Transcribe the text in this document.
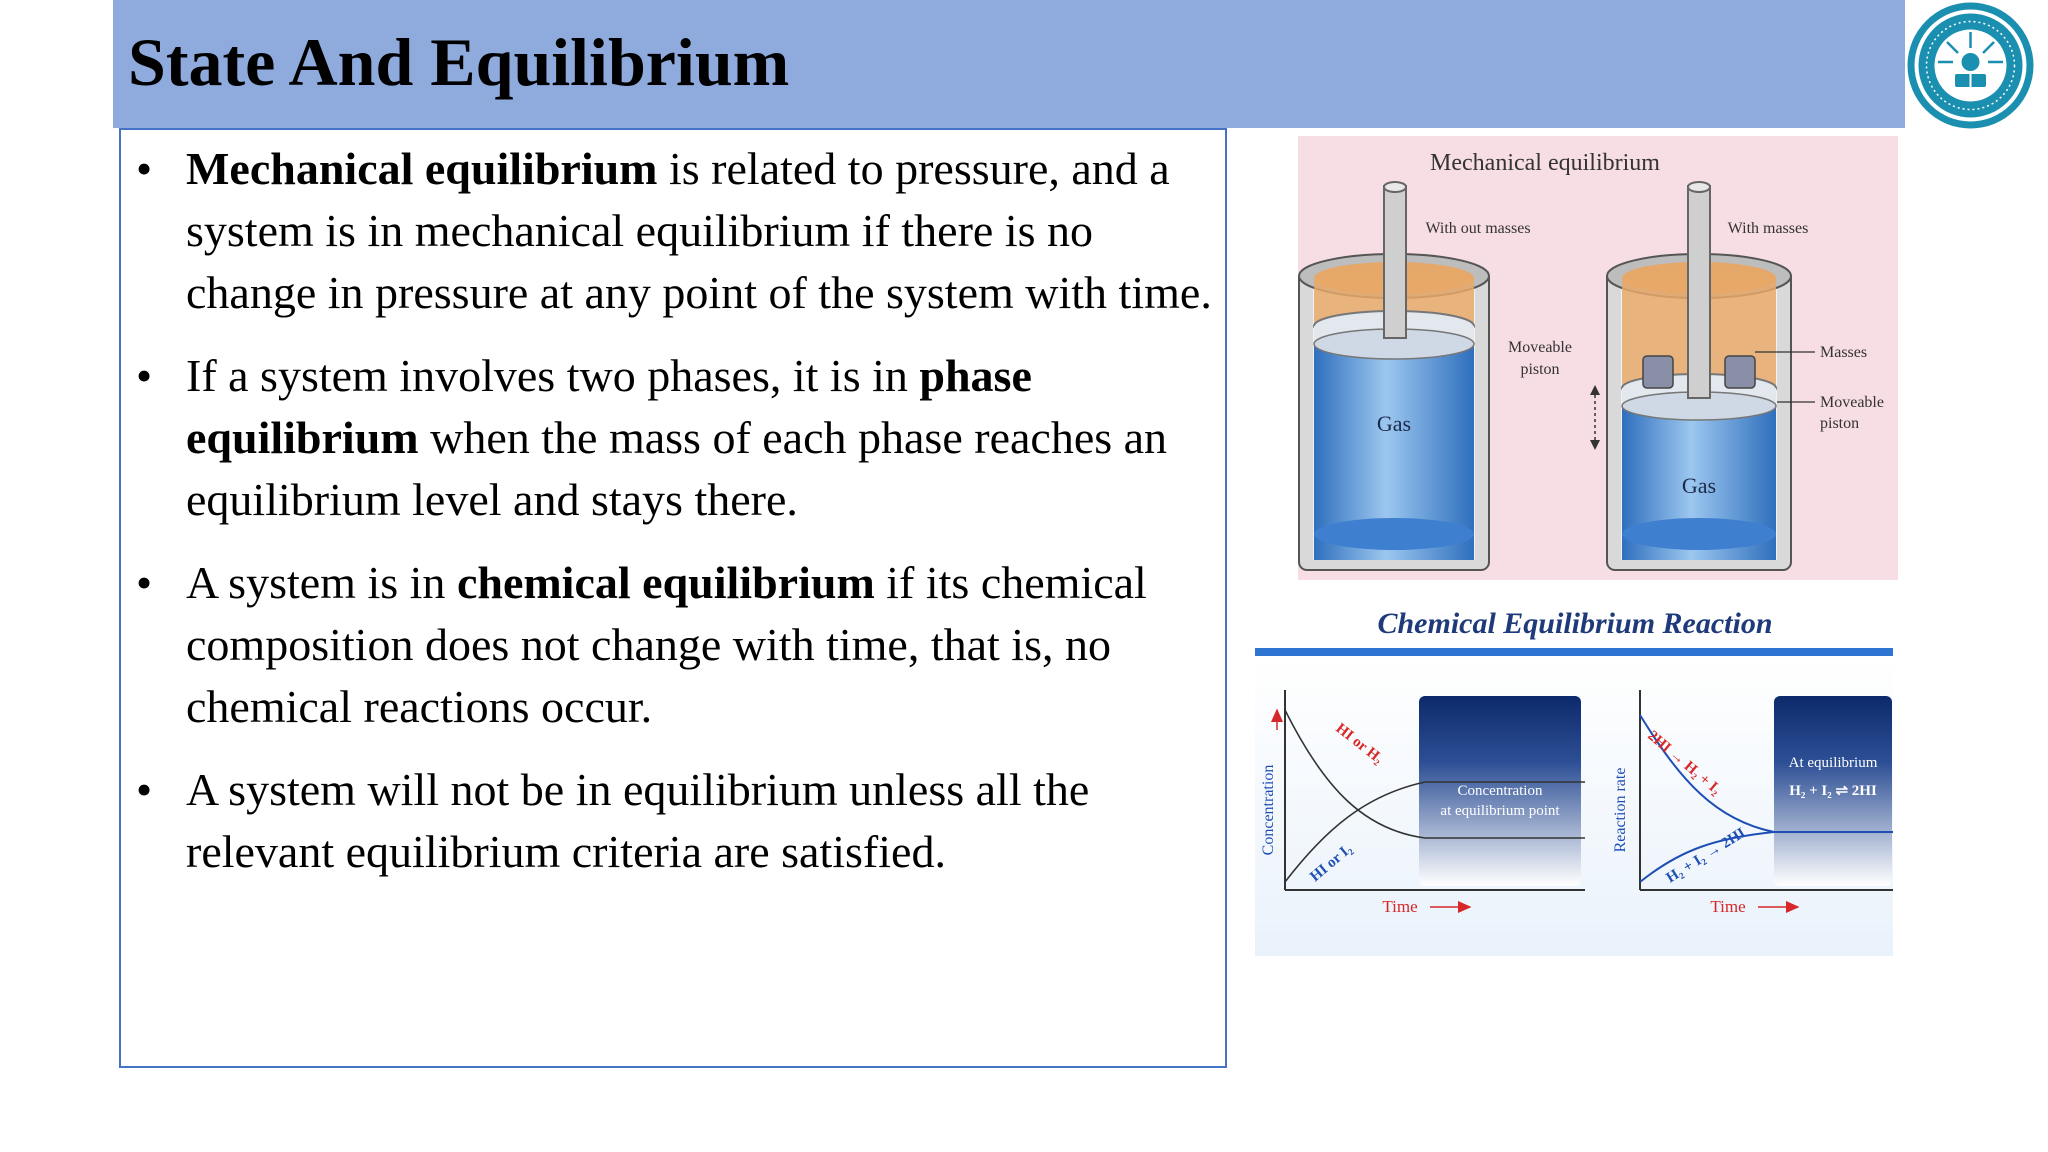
State And Equilibrium
• Mechanical equilibrium is related to pressure, and a system is in mechanical equilibrium if there is no change in pressure at any point of the system with time.
• If a system involves two phases, it is in phase equilibrium when the mass of each phase reaches an equilibrium level and stays there.
• A system is in chemical equilibrium if its chemical composition does not change with time, that is, no chemical reactions occur.
• A system will not be in equilibrium unless all the relevant equilibrium criteria are satisfied.
Mechanical equilibrium
With out masses	With masses
Gas
Moveable
piston
Gas
Masses
Moveable
piston
Chemical Equilibrium Reaction
Concentration
at equilibrium point
HI or H₂
HI or I₂
Concentration
Time
At equilibrium
H₂ + I₂ ⇌ 2HI
2HI → H₂ + I₂
H₂ + I₂ → 2HI
Reaction rate
Time
